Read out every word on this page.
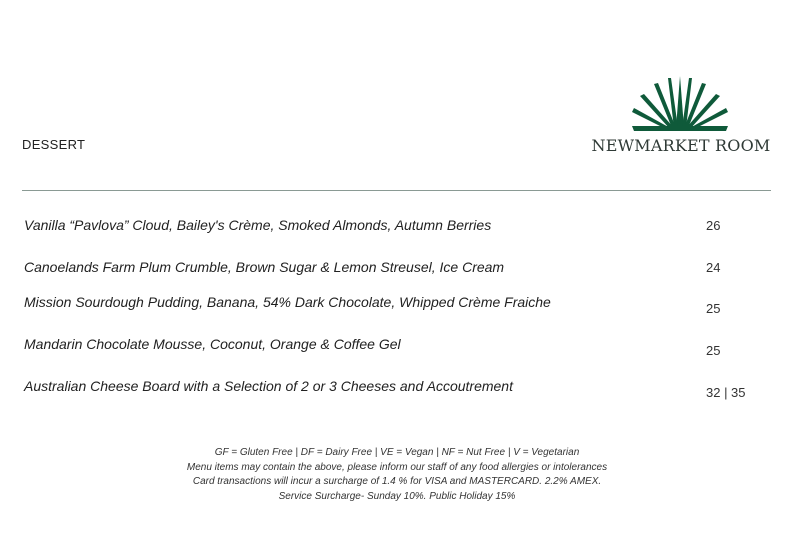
DESSERT	NEWMARKET ROOM
Vanilla “Pavlova” Cloud, Bailey's Crème, Smoked Almonds, Autumn Berries	26
Canoelands Farm Plum Crumble, Brown Sugar & Lemon Streusel, Ice Cream	24
Mission Sourdough Pudding, Banana, 54% Dark Chocolate, Whipped Crème Fraiche	25
Mandarin Chocolate Mousse, Coconut, Orange & Coffee Gel	25
Australian Cheese Board with a Selection of 2 or 3 Cheeses and Accoutrement	32 | 35
GF = Gluten Free | DF = Dairy Free | VE = Vegan | NF = Nut Free | V = Vegetarian
Menu items may contain the above, please inform our staff of any food allergies or intolerances
Card transactions will incur a surcharge of 1.4 % for VISA and MASTERCARD. 2.2% AMEX.
Service Surcharge- Sunday 10%. Public Holiday 15%
